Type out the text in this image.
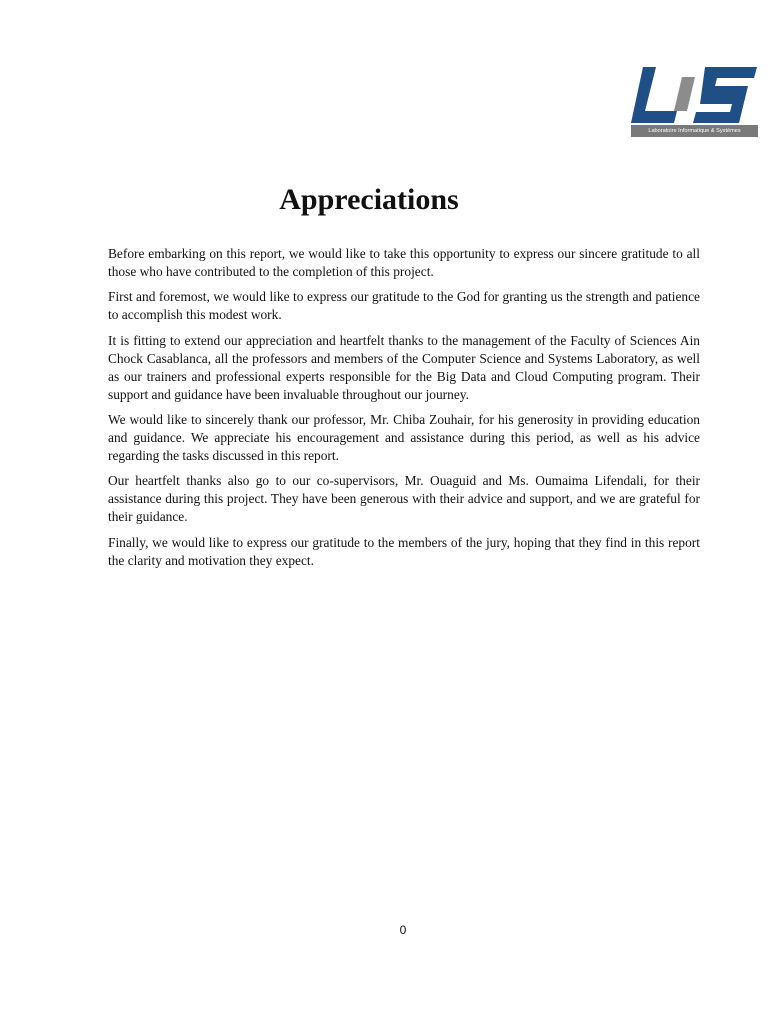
Laboratoire Informatique & Systèmes
Appreciations

Before embarking on this report, we would like to take this opportunity to express our sincere gratitude to all those who have contributed to the completion of this project.

First and foremost, we would like to express our gratitude to the God for granting us the strength and patience to accomplish this modest work.

It is fitting to extend our appreciation and heartfelt thanks to the management of the Faculty of Sciences Ain Chock Casablanca, all the professors and members of the Computer Science and Systems Laboratory, as well as our trainers and professional experts responsible for the Big Data and Cloud Computing program. Their support and guidance have been invaluable throughout our journey.

We would like to sincerely thank our professor, Mr. Chiba Zouhair, for his generosity in providing education and guidance. We appreciate his encouragement and assistance during this period, as well as his advice regarding the tasks discussed in this report.

Our heartfelt thanks also go to our co-supervisors, Mr. Ouaguid and Ms. Oumaima Lifendali, for their assistance during this project. They have been generous with their advice and support, and we are grateful for their guidance.

Finally, we would like to express our gratitude to the members of the jury, hoping that they find in this report the clarity and motivation they expect.

0
